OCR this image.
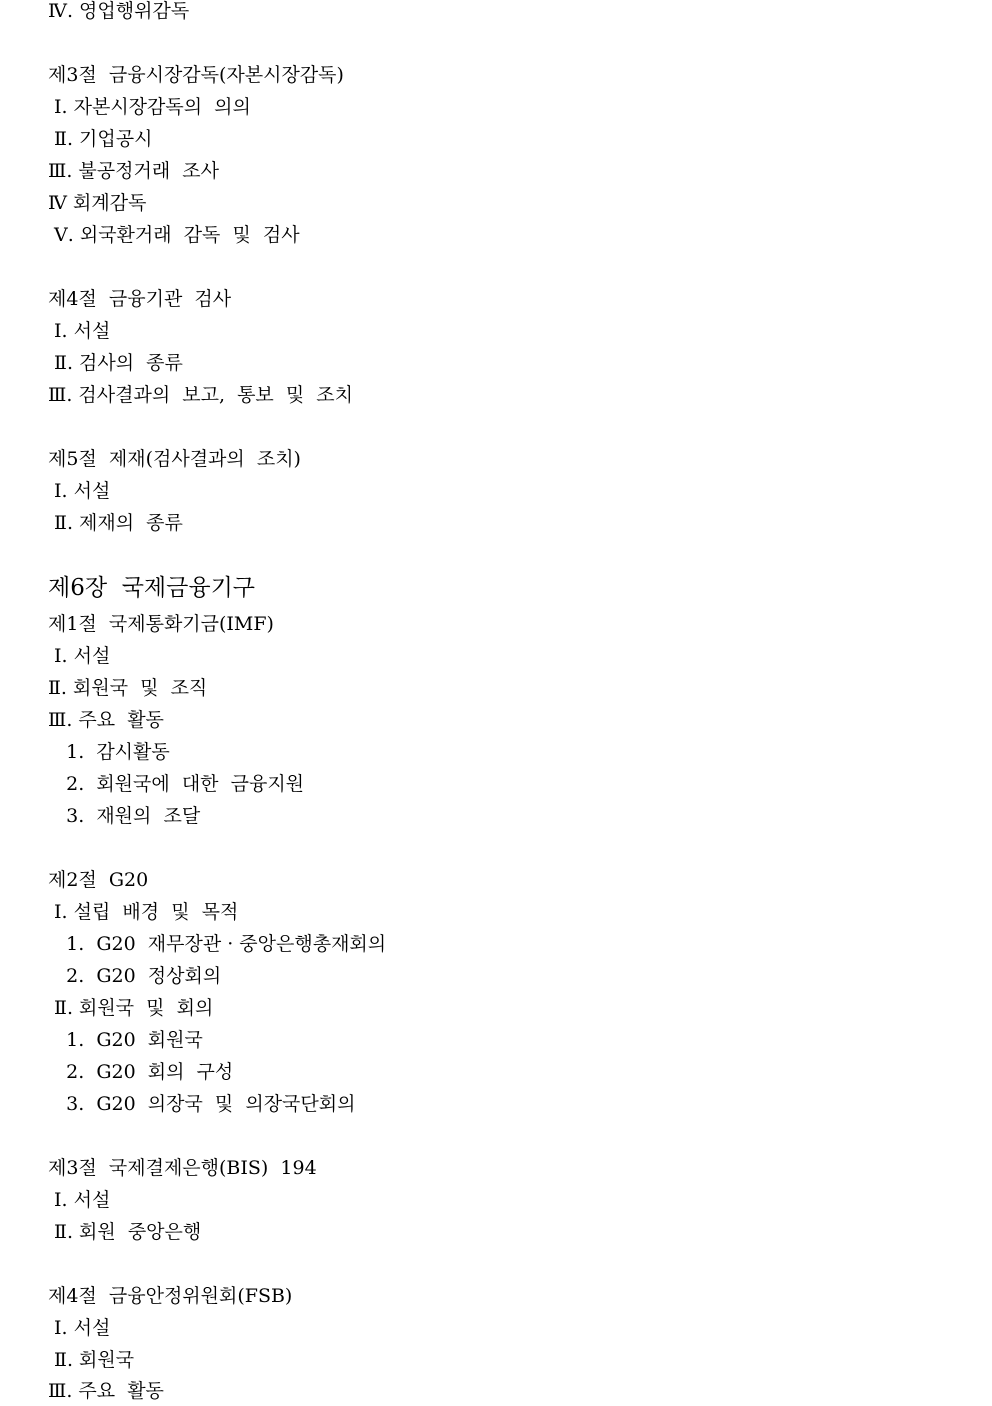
Ⅳ. 영업행위감독
제3절  금융시장감독(자본시장감독)
Ⅰ. 자본시장감독의  의의
Ⅱ. 기업공시
Ⅲ. 불공정거래  조사
Ⅳ 회계감독
Ⅴ. 외국환거래  감독  및  검사
제4절  금융기관  검사
Ⅰ. 서설
Ⅱ. 검사의  종류
Ⅲ. 검사결과의  보고,  통보  및  조치
제5절  제재(검사결과의  조치)
Ⅰ. 서설
Ⅱ. 제재의  종류
제6장  국제금융기구
제1절  국제통화기금(IMF)
Ⅰ. 서설
Ⅱ. 회원국  및  조직
Ⅲ. 주요  활동
1.  감시활동
2.  회원국에  대한  금융지원
3.  재원의  조달
제2절  G20
Ⅰ. 설립  배경  및  목적
1.  G20  재무장관 · 중앙은행총재회의
2.  G20  정상회의
Ⅱ. 회원국  및  회의
1.  G20  회원국
2.  G20  회의  구성
3.  G20  의장국  및  의장국단회의
제3절  국제결제은행(BIS)  194
Ⅰ. 서설
Ⅱ. 회원  중앙은행
제4절  금융안정위원회(FSB)
Ⅰ. 서설
Ⅱ. 회원국
Ⅲ. 주요  활동
